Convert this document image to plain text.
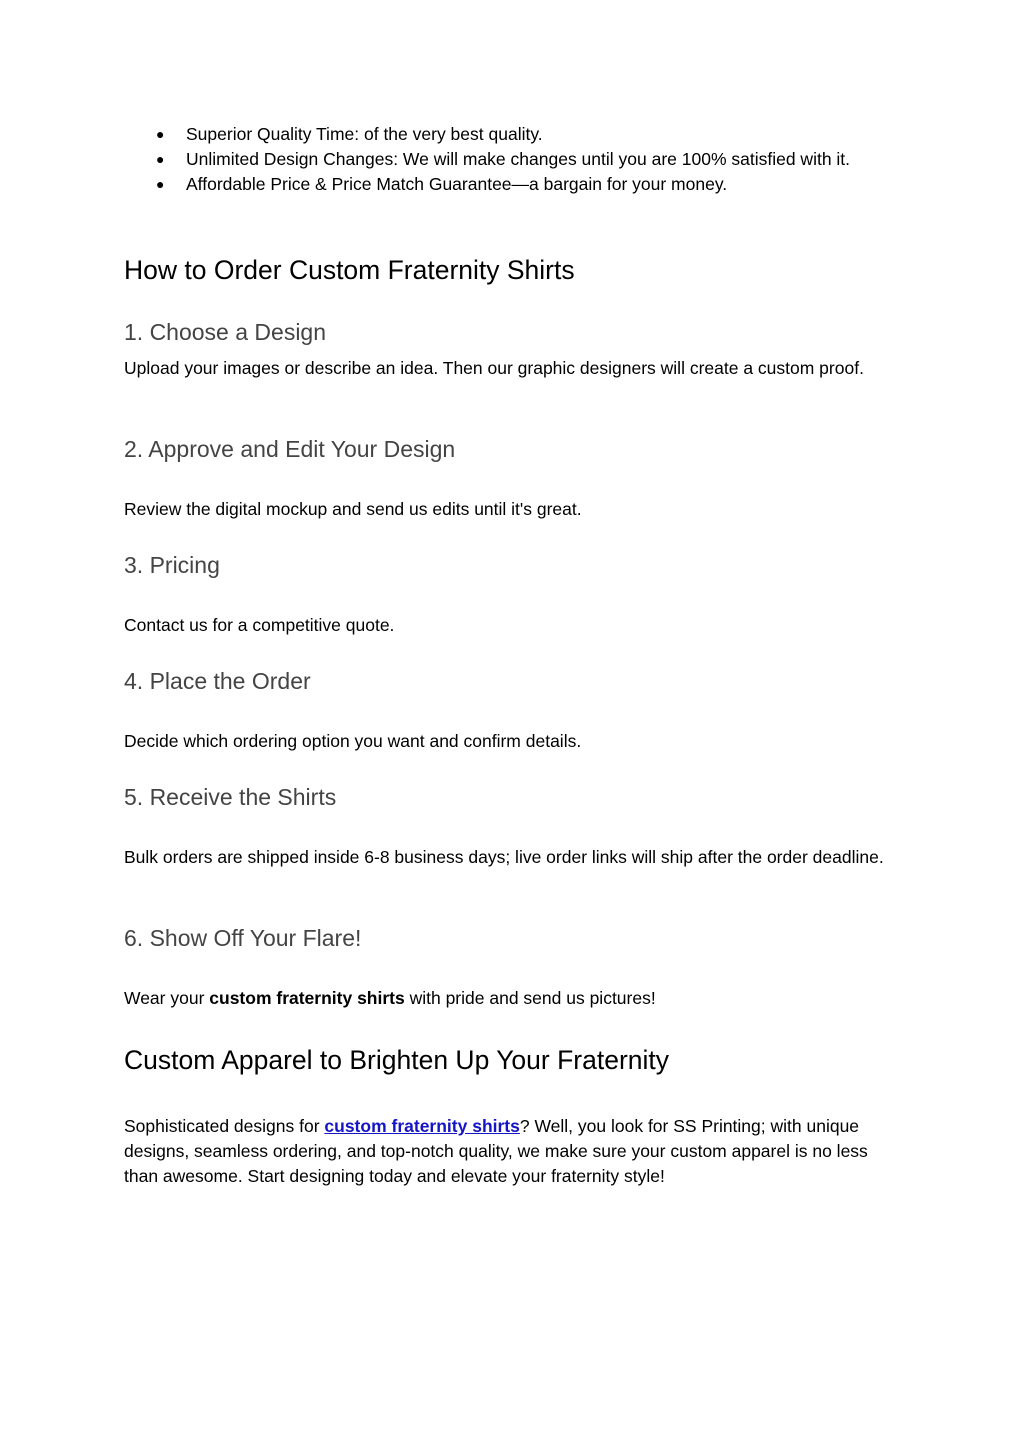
● Superior Quality Time: of the very best quality.
● Unlimited Design Changes: We will make changes until you are 100% satisfied with it.
● Affordable Price & Price Match Guarantee—a bargain for your money.
How to Order Custom Fraternity Shirts
1. Choose a Design

Upload your images or describe an idea. Then our graphic designers will create a custom proof.

2. Approve and Edit Your Design

Review the digital mockup and send us edits until it's great.

3. Pricing

Contact us for a competitive quote.

4. Place the Order

Decide which ordering option you want and confirm details.

5. Receive the Shirts

Bulk orders are shipped inside 6-8 business days; live order links will ship after the order deadline.

6. Show Off Your Flare!

Wear your custom fraternity shirts with pride and send us pictures!

Custom Apparel to Brighten Up Your Fraternity

Sophisticated designs for custom fraternity shirts? Well, you look for SS Printing; with unique designs, seamless ordering, and top-notch quality, we make sure your custom apparel is no less than awesome. Start designing today and elevate your fraternity style!
